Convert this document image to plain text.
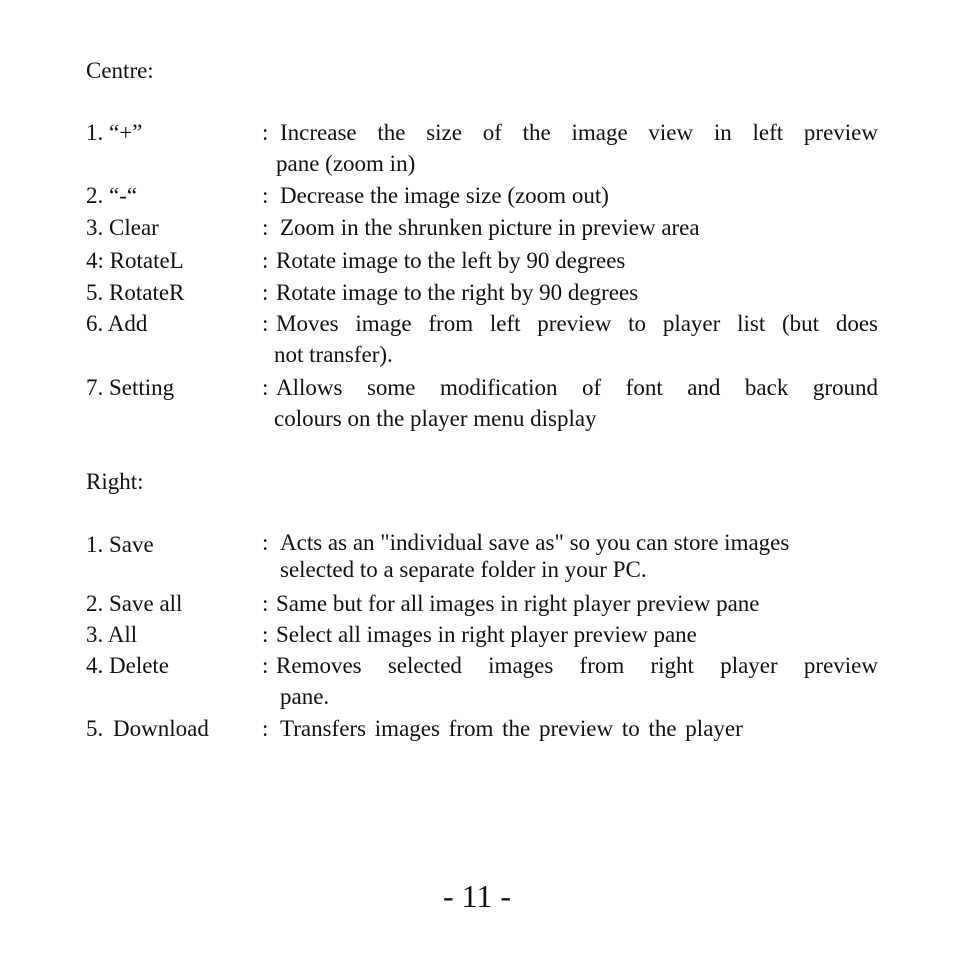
Centre:
1. “+”	: Increase the size of the image view in left preview
pane (zoom in)
2. “-“	: Decrease the image size (zoom out)
3. Clear	: Zoom in the shrunken picture in preview area
4: RotateL	: Rotate image to the left by 90 degrees
5. RotateR	: Rotate image to the right by 90 degrees
6. Add	: Moves image from left preview to player list (but does
not transfer).
7. Setting	: Allows some modification of font and back ground
colours on the player menu display
Right:
1. Save	: Acts as an "individual save as" so you can store images
selected to a separate folder in your PC.
2. Save all	: Same but for all images in right player preview pane
3. All	: Select all images in right player preview pane
4. Delete	: Removes selected images from right player preview
pane.
5. Download : Transfers images from the preview to the player
- 11 -
